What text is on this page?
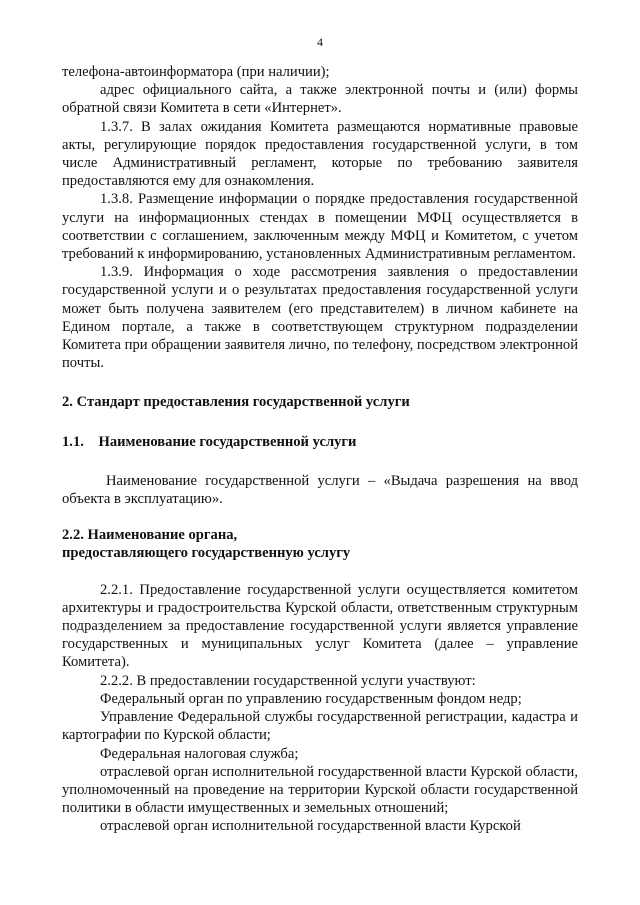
4

телефона-автоинформатора (при наличии);

адрес официального сайта, а также электронной почты и (или) формы обратной связи Комитета в сети «Интернет».

1.3.7. В залах ожидания Комитета размещаются нормативные правовые акты, регулирующие порядок предоставления государственной услуги, в том числе Административный регламент, которые по требованию заявителя предоставляются ему для ознакомления.

1.3.8. Размещение информации о порядке предоставления государственной услуги на информационных стендах в помещении МФЦ осуществляется в соответствии с соглашением, заключенным между МФЦ и Комитетом, с учетом требований к информированию, установленных Административным регламентом.

1.3.9. Информация о ходе рассмотрения заявления о предоставлении государственной услуги и о результатах предоставления государственной услуги может быть получена заявителем (его представителем) в личном кабинете на Едином портале, а также в соответствующем структурном подразделении Комитета при обращении заявителя лично, по телефону, посредством электронной почты.

2. Стандарт предоставления государственной услуги

1.1.    Наименование государственной услуги

Наименование государственной услуги – «Выдача разрешения на ввод объекта в эксплуатацию».

2.2. Наименование органа,

предоставляющего государственную услугу

2.2.1. Предоставление государственной услуги осуществляется комитетом архитектуры и градостроительства Курской области, ответственным структурным подразделением за предоставление государственной услуги является управление государственных и муниципальных услуг Комитета (далее – управление Комитета).

2.2.2. В предоставлении государственной услуги участвуют:

Федеральный орган по управлению государственным фондом недр;

Управление Федеральной службы государственной регистрации, кадастра и картографии по Курской области;

Федеральная налоговая служба;

отраслевой орган исполнительной государственной власти Курской области, уполномоченный на проведение на территории Курской области государственной политики в области имущественных и земельных отношений;

отраслевой орган исполнительной государственной власти Курской
